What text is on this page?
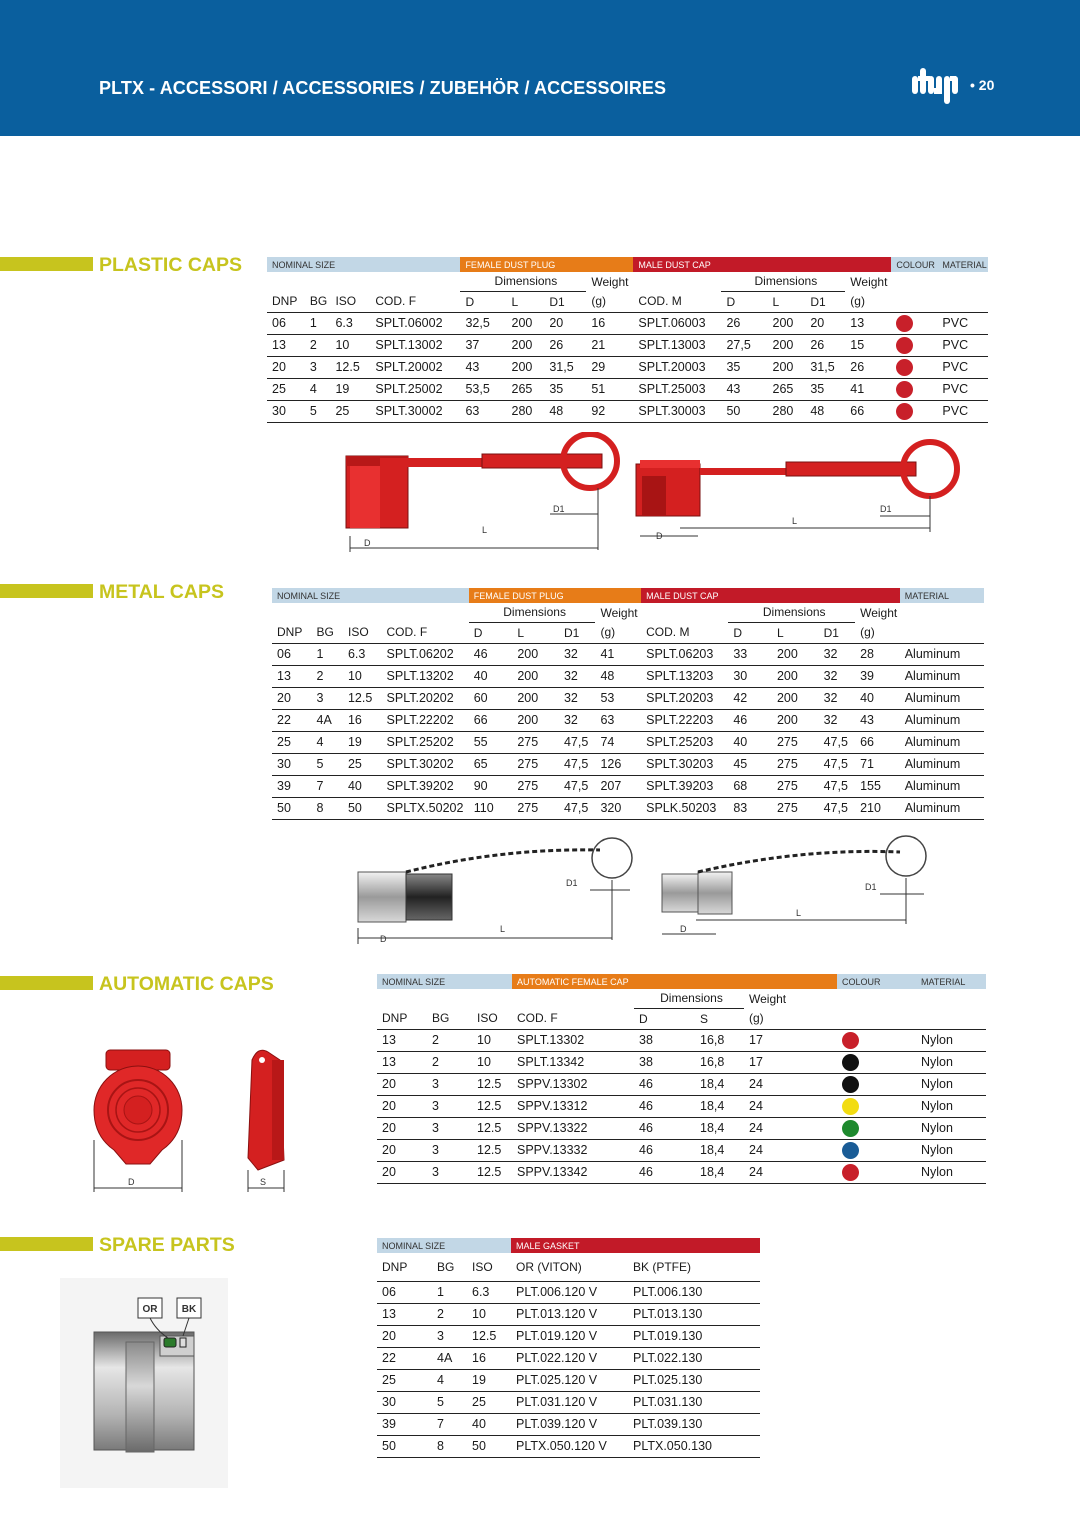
PLTX - ACCESSORI / ACCESSORIES / ZUBEHÖR / ACCESSOIRES	• 20
PLASTIC CAPS	NOMINAL SIZE				FEMALE DUST PLUG				MALE DUST CAP					COLOUR	MATERIAL
				Dimensions			Weight		Dimensions			Weight		
DNP	BG	ISO	COD. F	D	L	D1	(g)	COD. M	D	L	D1	(g)		
06	1	6.3	SPLT.06002	32,5	200	20	16	SPLT.06003	26	200	20	13		PVC
13	2	10	SPLT.13002	37	200	26	21	SPLT.13003	27,5	200	26	15		PVC
20	3	12.5	SPLT.20002	43	200	31,5	29	SPLT.20003	35	200	31,5	26		PVC
25	4	19	SPLT.25002	53,5	265	35	51	SPLT.25003	43	265	35	41		PVC
30	5	25	SPLT.30002	63	280	48	92	SPLT.30003	50	280	48	66		PVC
D1
L
D
D1
L
D
METAL CAPS	NOMINAL SIZE				FEMALE DUST PLUG				MALE DUST CAP					MATERIAL
				Dimensions			Weight		Dimensions			Weight	
DNP	BG	ISO	COD. F	D	L	D1	(g)	COD. M	D	L	D1	(g)	
06	1	6.3	SPLT.06202	46	200	32	41	SPLT.06203	33	200	32	28	Aluminum
13	2	10	SPLT.13202	40	200	32	48	SPLT.13203	30	200	32	39	Aluminum
20	3	12.5	SPLT.20202	60	200	32	53	SPLT.20203	42	200	32	40	Aluminum
22	4A	16	SPLT.22202	66	200	32	63	SPLT.22203	46	200	32	43	Aluminum
25	4	19	SPLT.25202	55	275	47,5	74	SPLT.25203	40	275	47,5	66	Aluminum
30	5	25	SPLT.30202	65	275	47,5	126	SPLT.30203	45	275	47,5	71	Aluminum
39	7	40	SPLT.39202	90	275	47,5	207	SPLT.39203	68	275	47,5	155	Aluminum
50	8	50	SPLTX.50202	110	275	47,5	320	SPLK.50203	83	275	47,5	210	Aluminum
D1
L
D
D1
L
D
AUTOMATIC CAPS	NOMINAL SIZE			AUTOMATIC FEMALE CAP				COLOUR	MATERIAL
				Dimensions		Weight		
DNP	BG	ISO	COD. F	D	S	(g)		
13	2	10	SPLT.13302	38	16,8	17		Nylon
13	2	10	SPLT.13342	38	16,8	17		Nylon
20	3	12.5	SPPV.13302	46	18,4	24		Nylon
20	3	12.5	SPPV.13312	46	18,4	24		Nylon
20	3	12.5	SPPV.13322	46	18,4	24		Nylon
20	3	12.5	SPPV.13332	46	18,4	24		Nylon
20	3	12.5	SPPV.13342	46	18,4	24		Nylon
D	S
SPARE PARTS	NOMINAL SIZE			MALE GASKET	
DNP	BG	ISO	OR (VITON)	BK (PTFE)
06	1	6.3	PLT.006.120 V	PLT.006.130
13	2	10	PLT.013.120 V	PLT.013.130
20	3	12.5	PLT.019.120 V	PLT.019.130
22	4A	16	PLT.022.120 V	PLT.022.130
25	4	19	PLT.025.120 V	PLT.025.130
30	5	25	PLT.031.120 V	PLT.031.130
39	7	40	PLT.039.120 V	PLT.039.130
50	8	50	PLTX.050.120 V	PLTX.050.130
OR BK
